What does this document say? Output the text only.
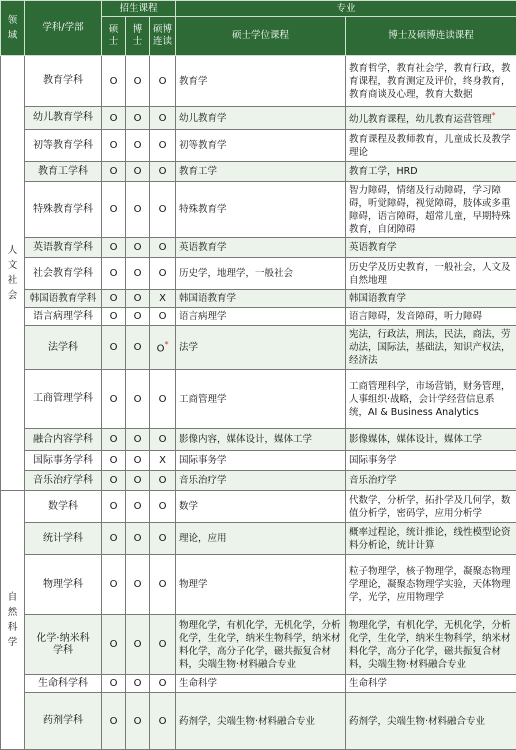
领域	学科/学部	招生课程			专业	
		硕士	博士	硕博连读	硕士学位课程	博士及硕博连读课程

人文社会	教育学科	O	O	O	教育学	教育哲学，教育社会学，教育行政，教育课程，教育测定及评价，终身教育，教育商谈及心理，教育大数据
	幼儿教育学科	O	O	O	幼儿教育学	幼儿教育课程，幼儿教育运营管理 *
	初等教育学科	O	O	O	初等教育学	教育课程及教师教育，儿童成长及教学理论
	教育工学科	O	O	O	教育工学	教育工学，HRD
	特殊教育学科	O	O	O	特殊教育学	智力障碍，情绪及行动障碍，学习障碍，听觉障碍，视觉障碍，肢体或多重障碍，语言障碍，超常儿童，早期特殊教育，自闭障碍
	英语教育学科	O	O	O	英语教育学	英语教育学
	社会教育学科	O	O	O	历史学，地理学，一般社会	历史学及历史教育，一般社会，人文及自然地理
	韩国语教育学科	O	O	X	韩国语教育学	韩国语教育学
	语言病理学科	O	O	O	语言病理学	语言障碍，发音障碍，听力障碍
	法学科	O	O	O *	法学	宪法，行政法，刑法，民法，商法，劳动法，国际法，基础法，知识产权法，经济法
	工商管理学科	O	O	O	工商管理学	工商管理科学，市场营销，财务管理，人事组织·战略，会计学经营信息系统，AI & Business Analytics
	融合内容学科	O	O	O	影像内容，媒体设计，媒体工学	影像媒体，媒体设计，媒体工学
	国际事务学科	O	O	X	国际事务学	国际事务学
	音乐治疗学科	O	O	O	音乐治疗学	音乐治疗学

自然科学	数学科	O	O	O	数学	代数学，分析学，拓扑学及几何学，数值分析学，密码学，应用分析学
	统计学科	O	O	O	理论，应用	概率过程论，统计推论，线性模型论资料分析论，统计计算
	物理学科	O	O	O	物理学	粒子物理学，核子物理学，凝聚态物理学理论，凝聚态物理学实验，天体物理学，光学，应用物理学
	化学·纳米科学科	O	O	O	物理化学，有机化学，无机化学，分析化学，生化学，纳米生物科学，纳米材料化学，高分子化学，磁共振复合材料，尖端生物·材料融合专业	物理化学，有机化学，无机化学，分析化学，生化学，纳米生物科学，纳米材料化学，高分子化学，磁共振复合材料，尖端生物·材料融合专业
	生命科学科	O	O	O	生命科学	生命科学
	药剂学科	O	O	O	药剂学，尖端生物·材料融合专业	药剂学，尖端生物·材料融合专业
